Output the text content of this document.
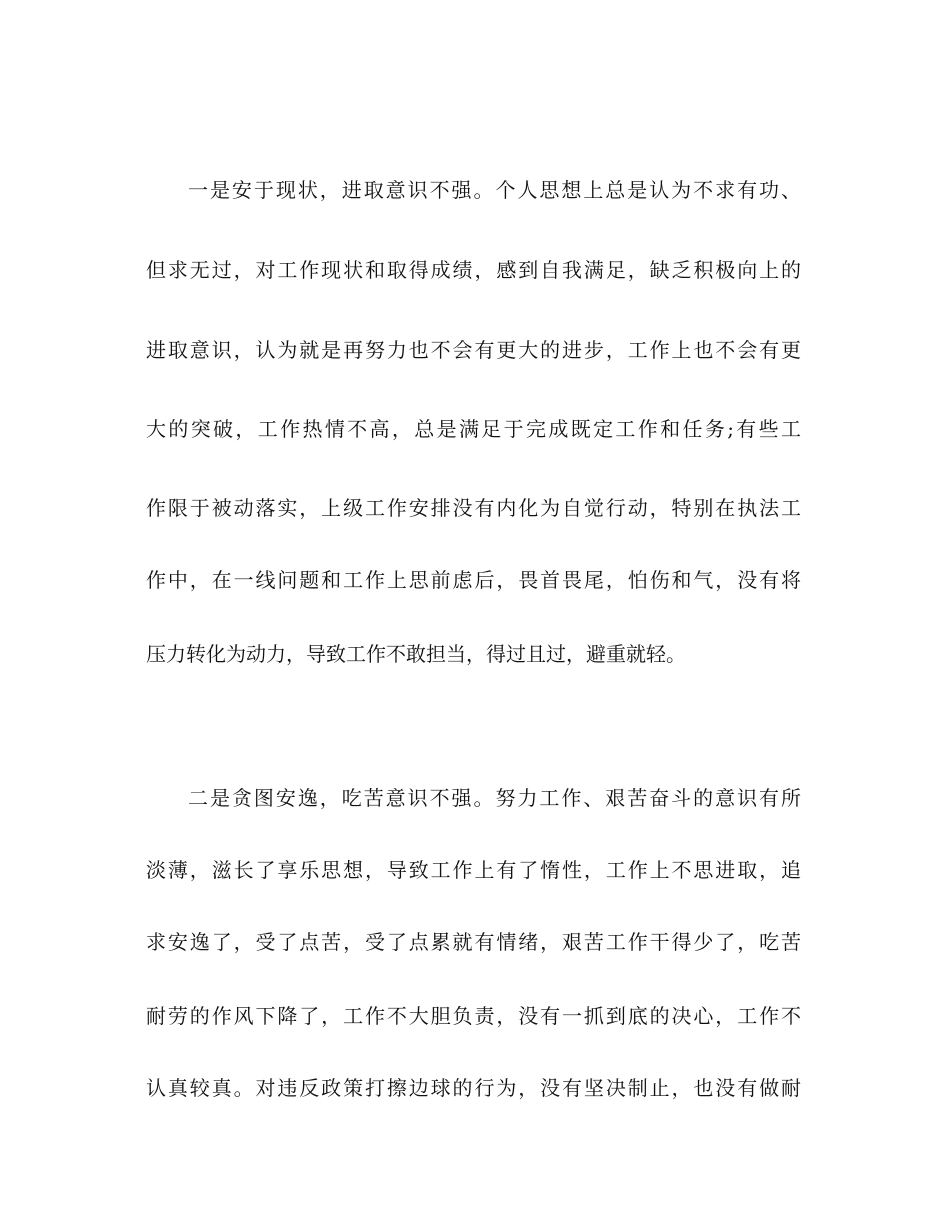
一是安于现状，进取意识不强。个人思想上总是认为不求有功、
但求无过，对工作现状和取得成绩，感到自我满足，缺乏积极向上的
进取意识，认为就是再努力也不会有更大的进步，工作上也不会有更
大的突破，工作热情不高，总是满足于完成既定工作和任务;有些工
作限于被动落实，上级工作安排没有内化为自觉行动，特别在执法工
作中，在一线问题和工作上思前虑后，畏首畏尾，怕伤和气，没有将
压力转化为动力，导致工作不敢担当，得过且过，避重就轻。
二是贪图安逸，吃苦意识不强。努力工作、艰苦奋斗的意识有所
淡薄，滋长了享乐思想，导致工作上有了惰性，工作上不思进取，追
求安逸了，受了点苦，受了点累就有情绪，艰苦工作干得少了，吃苦
耐劳的作风下降了，工作不大胆负责，没有一抓到底的决心，工作不
认真较真。对违反政策打擦边球的行为，没有坚决制止，也没有做耐
